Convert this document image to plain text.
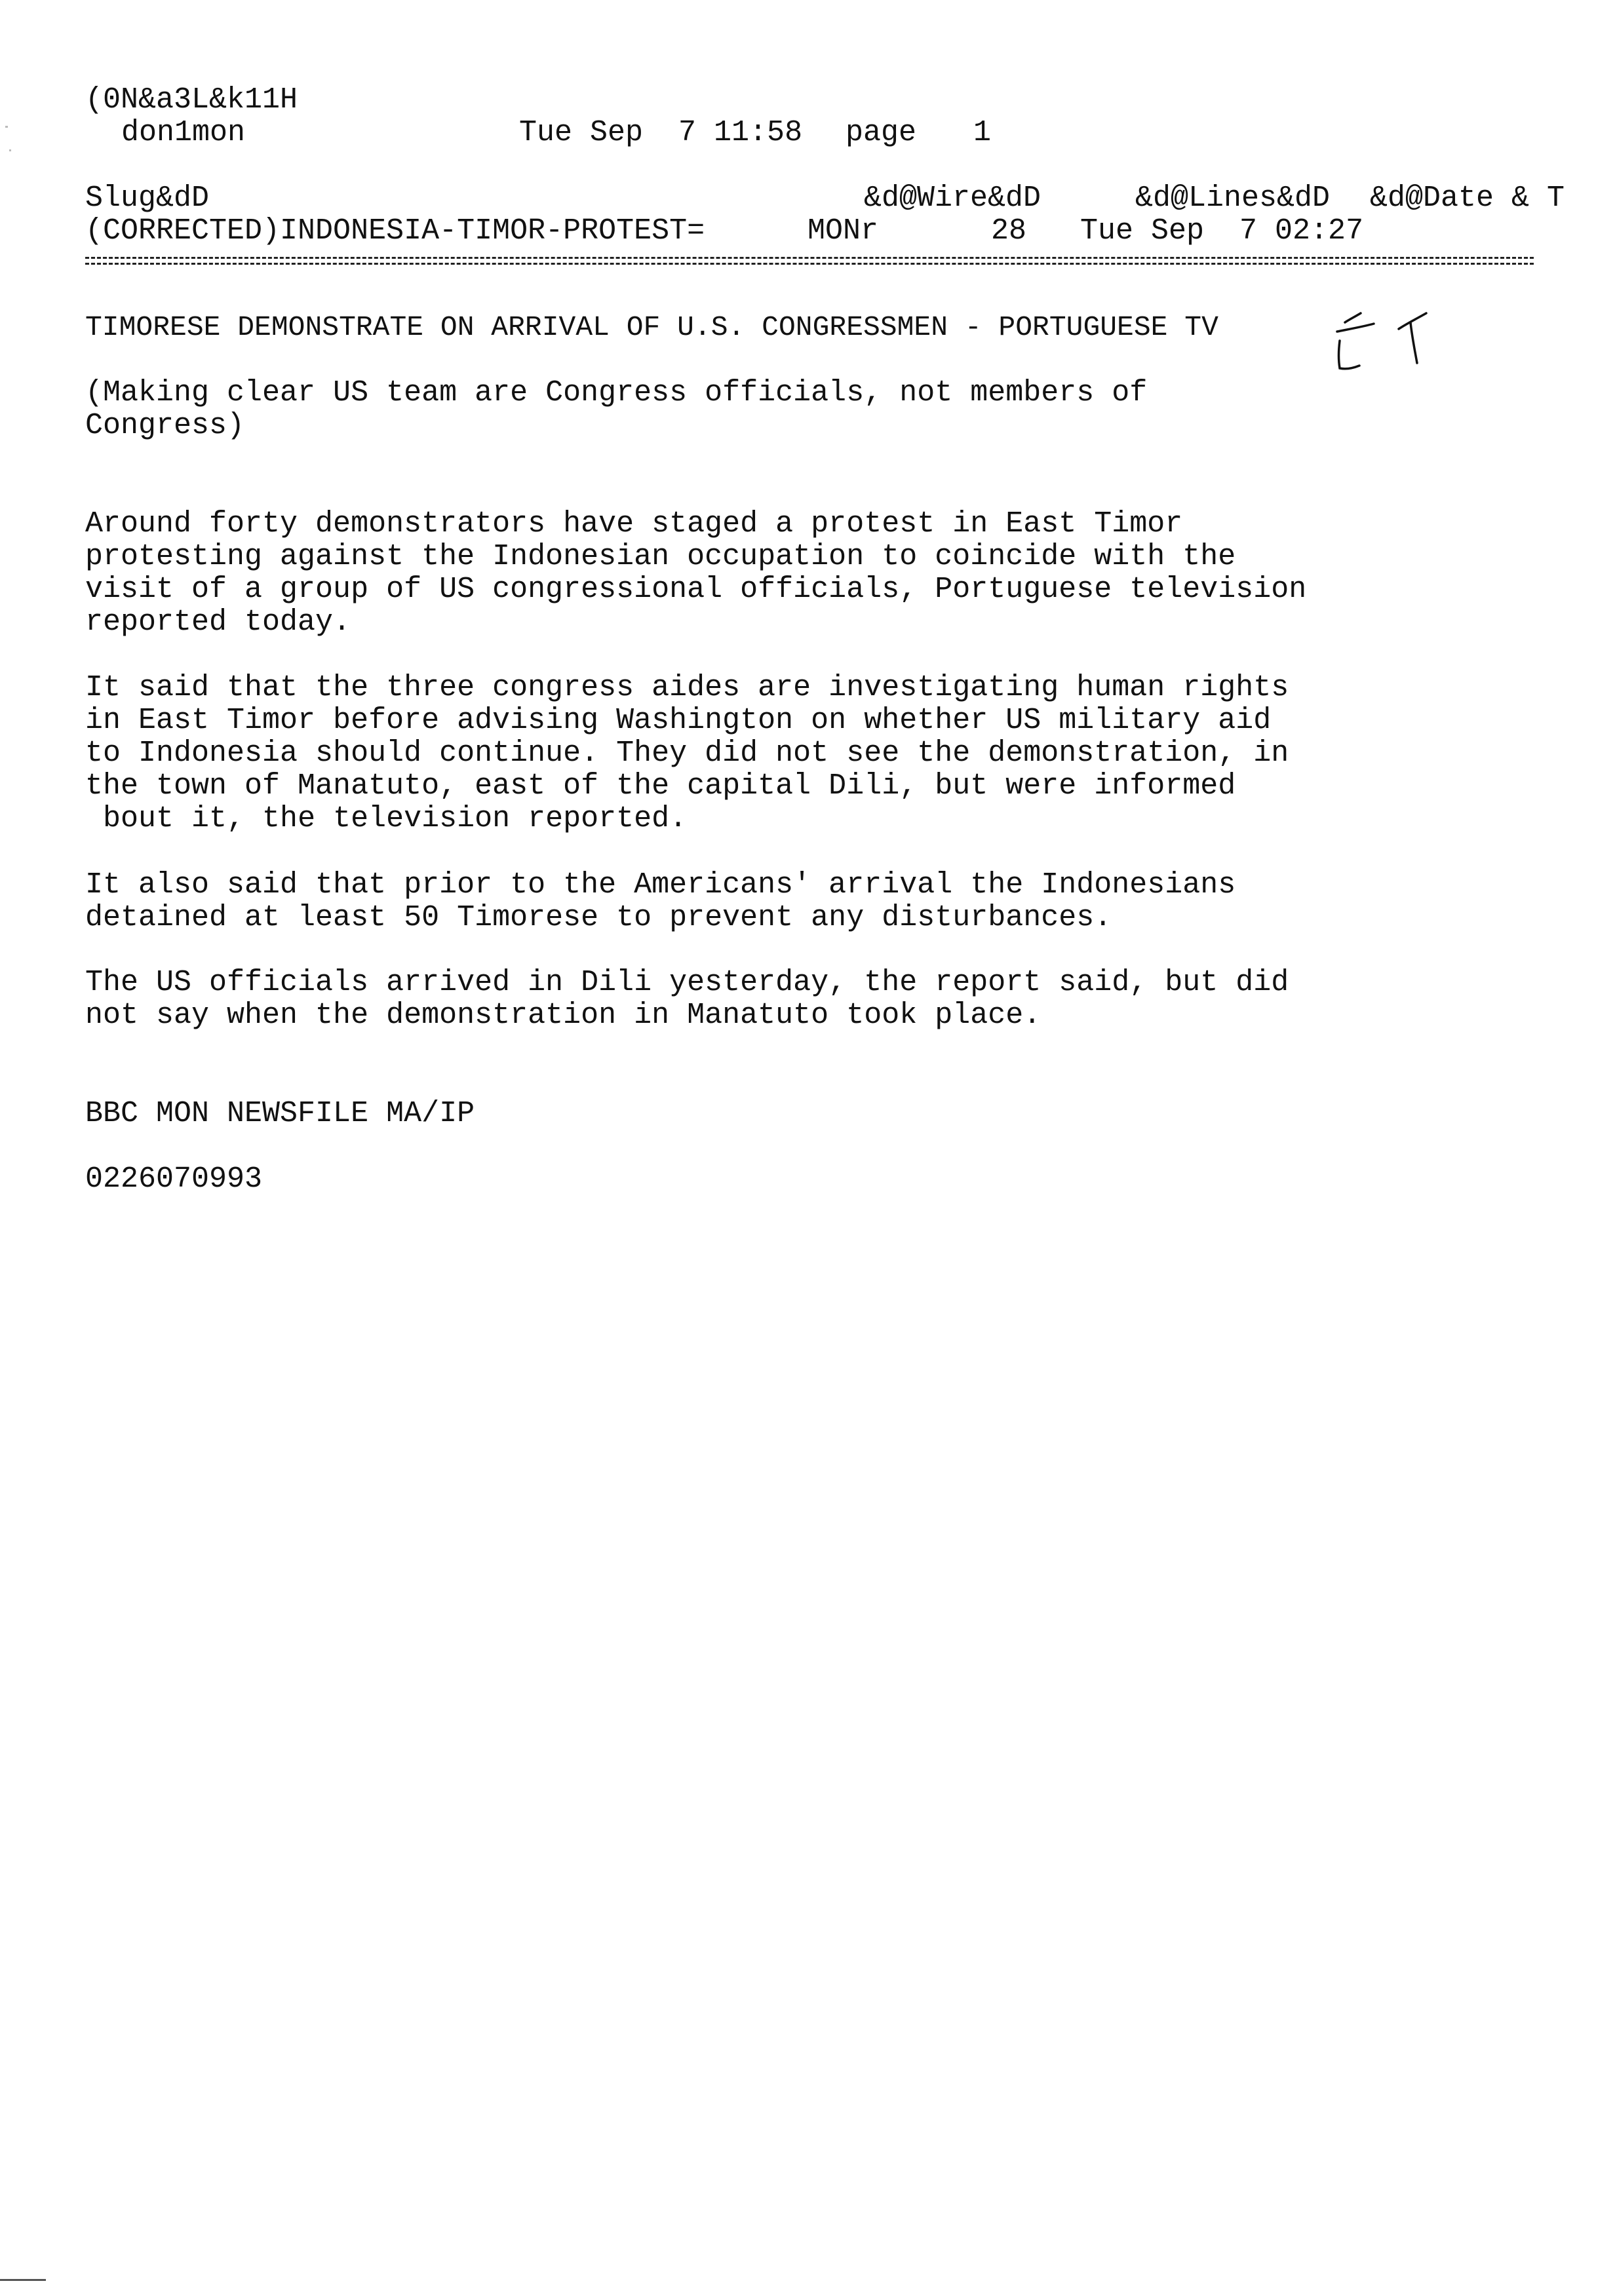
(0N&a3L&k11H
don1mon	Tue Sep  7 11:58 page 1
Slug&dD	&d@Wire&dD	&d@Lines&dD &d@Date & T
(CORRECTED)INDONESIA-TIMOR-PROTEST=	MONr	28 Tue Sep  7 02:27
TIMORESE DEMONSTRATE ON ARRIVAL OF U.S. CONGRESSMEN - PORTUGUESE TV
(Making clear US team are Congress officials, not members of
Congress)
Around forty demonstrators have staged a protest in East Timor
protesting against the Indonesian occupation to coincide with the
visit of a group of US congressional officials, Portuguese television
reported today.
It said that the three congress aides are investigating human rights
in East Timor before advising Washington on whether US military aid
to Indonesia should continue. They did not see the demonstration, in
the town of Manatuto, east of the capital Dili, but were informed
bout it, the television reported.
It also said that prior to the Americans' arrival the Indonesians
detained at least 50 Timorese to prevent any disturbances.
The US officials arrived in Dili yesterday, the report said, but did
not say when the demonstration in Manatuto took place.
BBC MON NEWSFILE MA/IP
0226070993
